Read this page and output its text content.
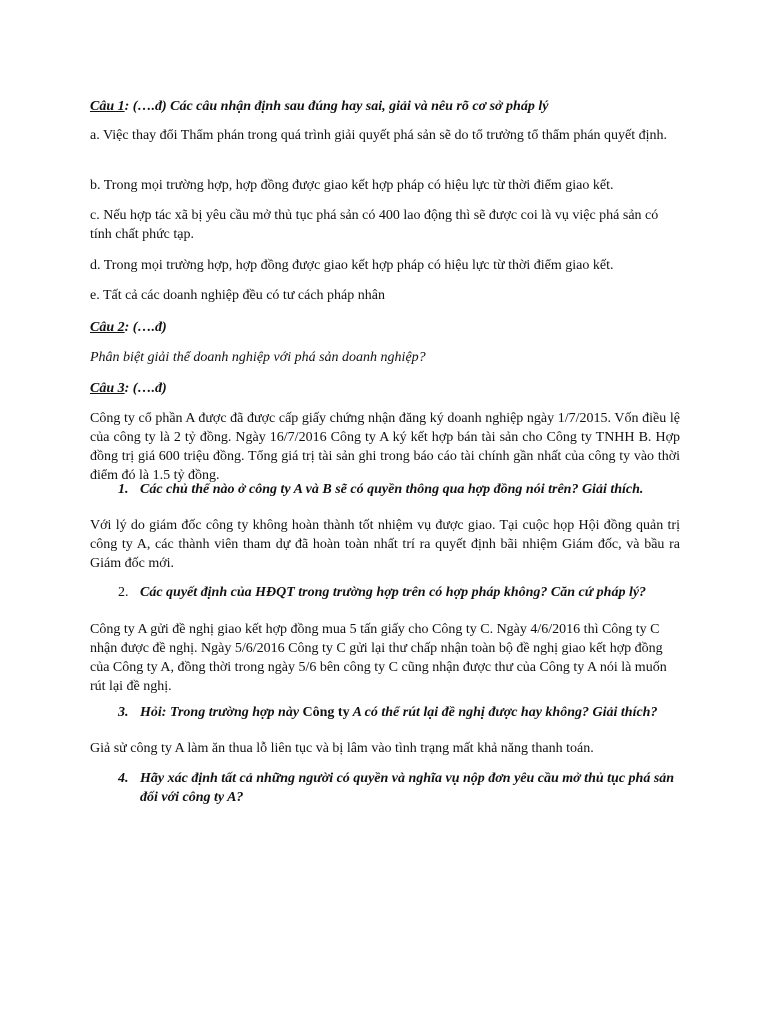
Câu 1: (….đ) Các câu nhận định sau đúng hay sai, giải và nêu rõ cơ sở pháp lý

a. Việc thay đổi Thẩm phán trong quá trình giải quyết phá sản sẽ do tổ trưởng tổ thẩm phán quyết định.

b. Trong mọi trường hợp, hợp đồng được giao kết hợp pháp có hiệu lực từ thời điểm giao kết.

c. Nếu hợp tác xã bị yêu cầu mở thủ tục phá sản có 400 lao động thì sẽ được coi là vụ việc phá sản có tính chất phức tạp.

d. Trong mọi trường hợp, hợp đồng được giao kết hợp pháp có hiệu lực từ thời điểm giao kết.

e. Tất cả các doanh nghiệp đều có tư cách pháp nhân

Câu 2: (….đ)

Phân biệt giải thể doanh nghiệp với phá sản doanh nghiệp?

Câu 3: (….đ)

Công ty cổ phần A được đã được cấp giấy chứng nhận đăng ký doanh nghiệp ngày 1/7/2015. Vốn điều lệ của công ty là 2 tỷ đồng. Ngày 16/7/2016 Công ty A ký kết hợp bán tài sản cho Công ty TNHH B. Hợp đồng trị giá 600 triệu đồng. Tổng giá trị tài sản ghi trong báo cáo tài chính gần nhất của công ty vào thời điểm đó là 1.5 tỷ đồng.

1. Các chủ thể nào ở công ty A và B sẽ có quyền thông qua hợp đồng nói trên? Giải thích.

Với lý do giám đốc công ty không hoàn thành tốt nhiệm vụ được giao. Tại cuộc họp Hội đồng quản trị công ty A, các thành viên tham dự đã hoàn toàn nhất trí ra quyết định bãi nhiệm Giám đốc, và bầu ra Giám đốc mới.

2. Các quyết định của HĐQT trong trường hợp trên có hợp pháp không? Căn cứ pháp lý?

Công ty A gửi đề nghị giao kết hợp đồng mua 5 tấn giấy cho Công ty C. Ngày 4/6/2016 thì Công ty C nhận được đề nghị. Ngày 5/6/2016 Công ty C gửi lại thư chấp nhận toàn bộ đề nghị giao kết hợp đồng của Công ty A, đồng thời trong ngày 5/6 bên công ty C cũng nhận được thư của Công ty A nói là muốn rút lại đề nghị.

3. Hỏi: Trong trường hợp này Công ty A có thể rút lại đề nghị được hay không? Giải thích?

Giả sử công ty A làm ăn thua lỗ liên tục và bị lâm vào tình trạng mất khả năng thanh toán.

4. Hãy xác định tất cả những người có quyền và nghĩa vụ nộp đơn yêu cầu mở thủ tục phá sản đối với công ty A?
